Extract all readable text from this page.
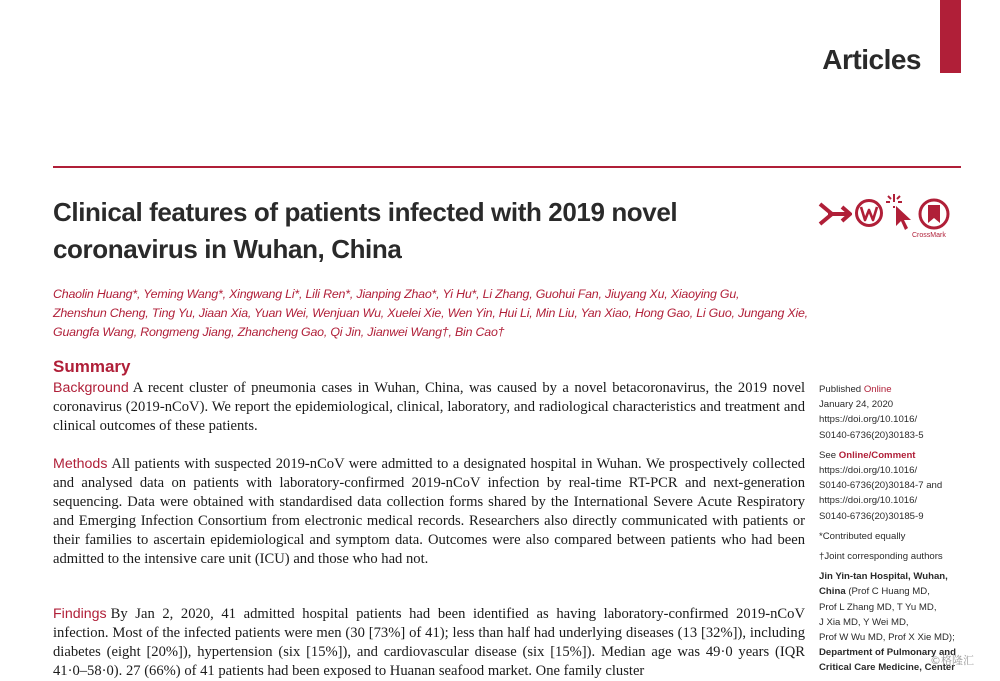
Articles
Clinical features of patients infected with 2019 novel
coronavirus in Wuhan, China	CrossMark
Chaolin Huang*, Yeming Wang*, Xingwang Li*, Lili Ren*, Jianping Zhao*, Yi Hu*, Li Zhang, Guohui Fan, Jiuyang Xu, Xiaoying Gu,
Zhenshun Cheng, Ting Yu, Jiaan Xia, Yuan Wei, Wenjuan Wu, Xuelei Xie, Wen Yin, Hui Li, Min Liu, Yan Xiao, Hong Gao, Li Guo, Jungang Xie,
Guangfa Wang, Rongmeng Jiang, Zhancheng Gao, Qi Jin, Jianwei Wang†, Bin Cao†
Summary
Background A recent cluster of pneumonia cases in Wuhan, China, was caused by a novel betacoronavirus, the 2019 novel coronavirus (2019-nCoV). We report the epidemiological, clinical, laboratory, and radiological characteristics and treatment and clinical outcomes of these patients.
Methods All patients with suspected 2019-nCoV were admitted to a designated hospital in Wuhan. We prospectively collected and analysed data on patients with laboratory-confirmed 2019-nCoV infection by real-time RT-PCR and next-generation sequencing. Data were obtained with standardised data collection forms shared by the International Severe Acute Respiratory and Emerging Infection Consortium from electronic medical records. Researchers also directly communicated with patients or their families to ascertain epidemiological and symptom data. Outcomes were also compared between patients who had been admitted to the intensive care unit (ICU) and those who had not.
Findings By Jan 2, 2020, 41 admitted hospital patients had been identified as having laboratory-confirmed 2019-nCoV infection. Most of the infected patients were men (30 [73%] of 41); less than half had underlying diseases (13 [32%]), including diabetes (eight [20%]), hypertension (six [15%]), and cardiovascular disease (six [15%]). Median age was 49·0 years (IQR 41·0–58·0). 27 (66%) of 41 patients had been exposed to Huanan seafood market. One family cluster
Published Online
January 24, 2020
https://doi.org/10.1016/
S0140-6736(20)30183-5
See Online/Comment
https://doi.org/10.1016/
S0140-6736(20)30184-7 and
https://doi.org/10.1016/
S0140-6736(20)30185-9
*Contributed equally
†Joint corresponding authors
Jin Yin-tan Hospital, Wuhan,
China (Prof C Huang MD,
Prof L Zhang MD, T Yu MD,
J Xia MD, Y Wei MD,
Prof W Wu MD, Prof X Xie MD);
Department of Pulmonary and
Critical Care Medicine, Center
©格隆汇
